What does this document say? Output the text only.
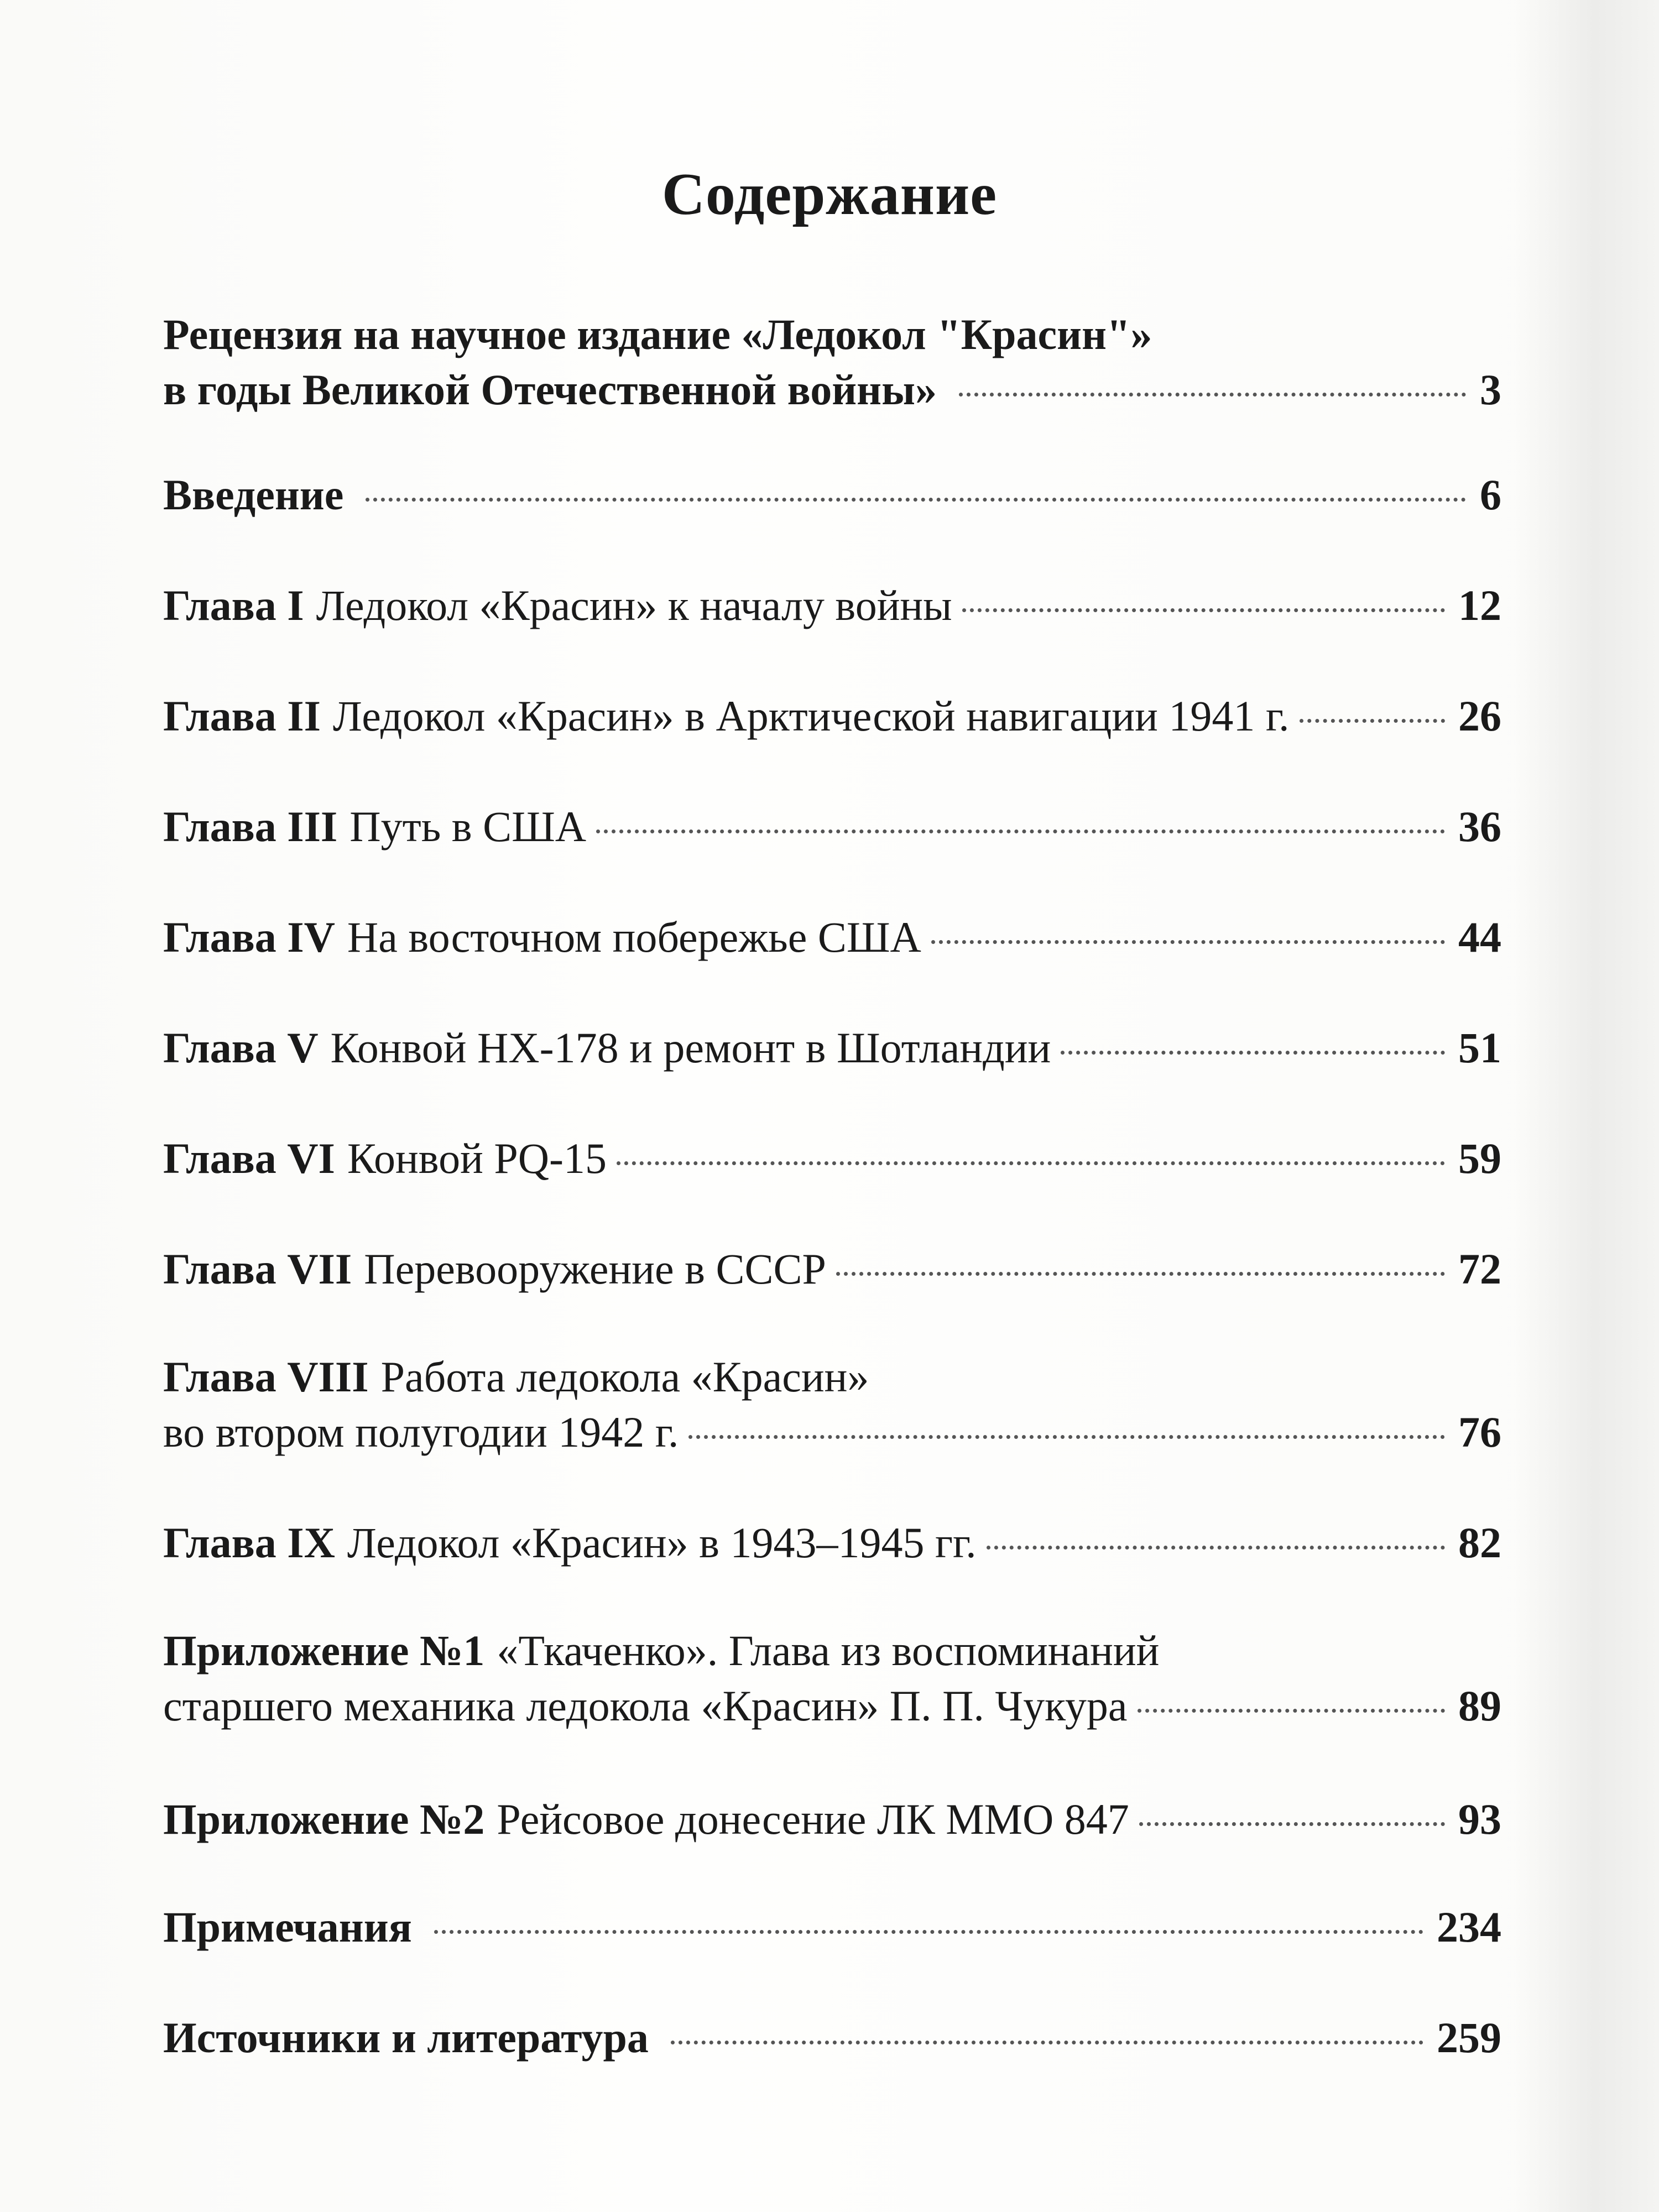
Содержание
Рецензия на научное издание «Ледокол "Красин"»
в годы Великой Отечественной войны»	3
Введение	6
Глава I Ледокол «Красин» к началу войны	12
Глава II Ледокол «Красин» в Арктической навигации 1941 г.	26
Глава III Путь в США	36
Глава IV На восточном побережье США	44
Глава V Конвой HX-178 и ремонт в Шотландии	51
Глава VI Конвой PQ-15	59
Глава VII Перевооружение в СССР	72
Глава VIII Работа ледокола «Красин»
во втором полугодии 1942 г.	76
Глава IX Ледокол «Красин» в 1943–1945 гг.	82
Приложение №1 «Ткаченко». Глава из воспоминаний
старшего механика ледокола «Красин» П. П. Чукура	89
Приложение №2 Рейсовое донесение ЛК ММО 847	93
Примечания	234
Источники и литература	259
